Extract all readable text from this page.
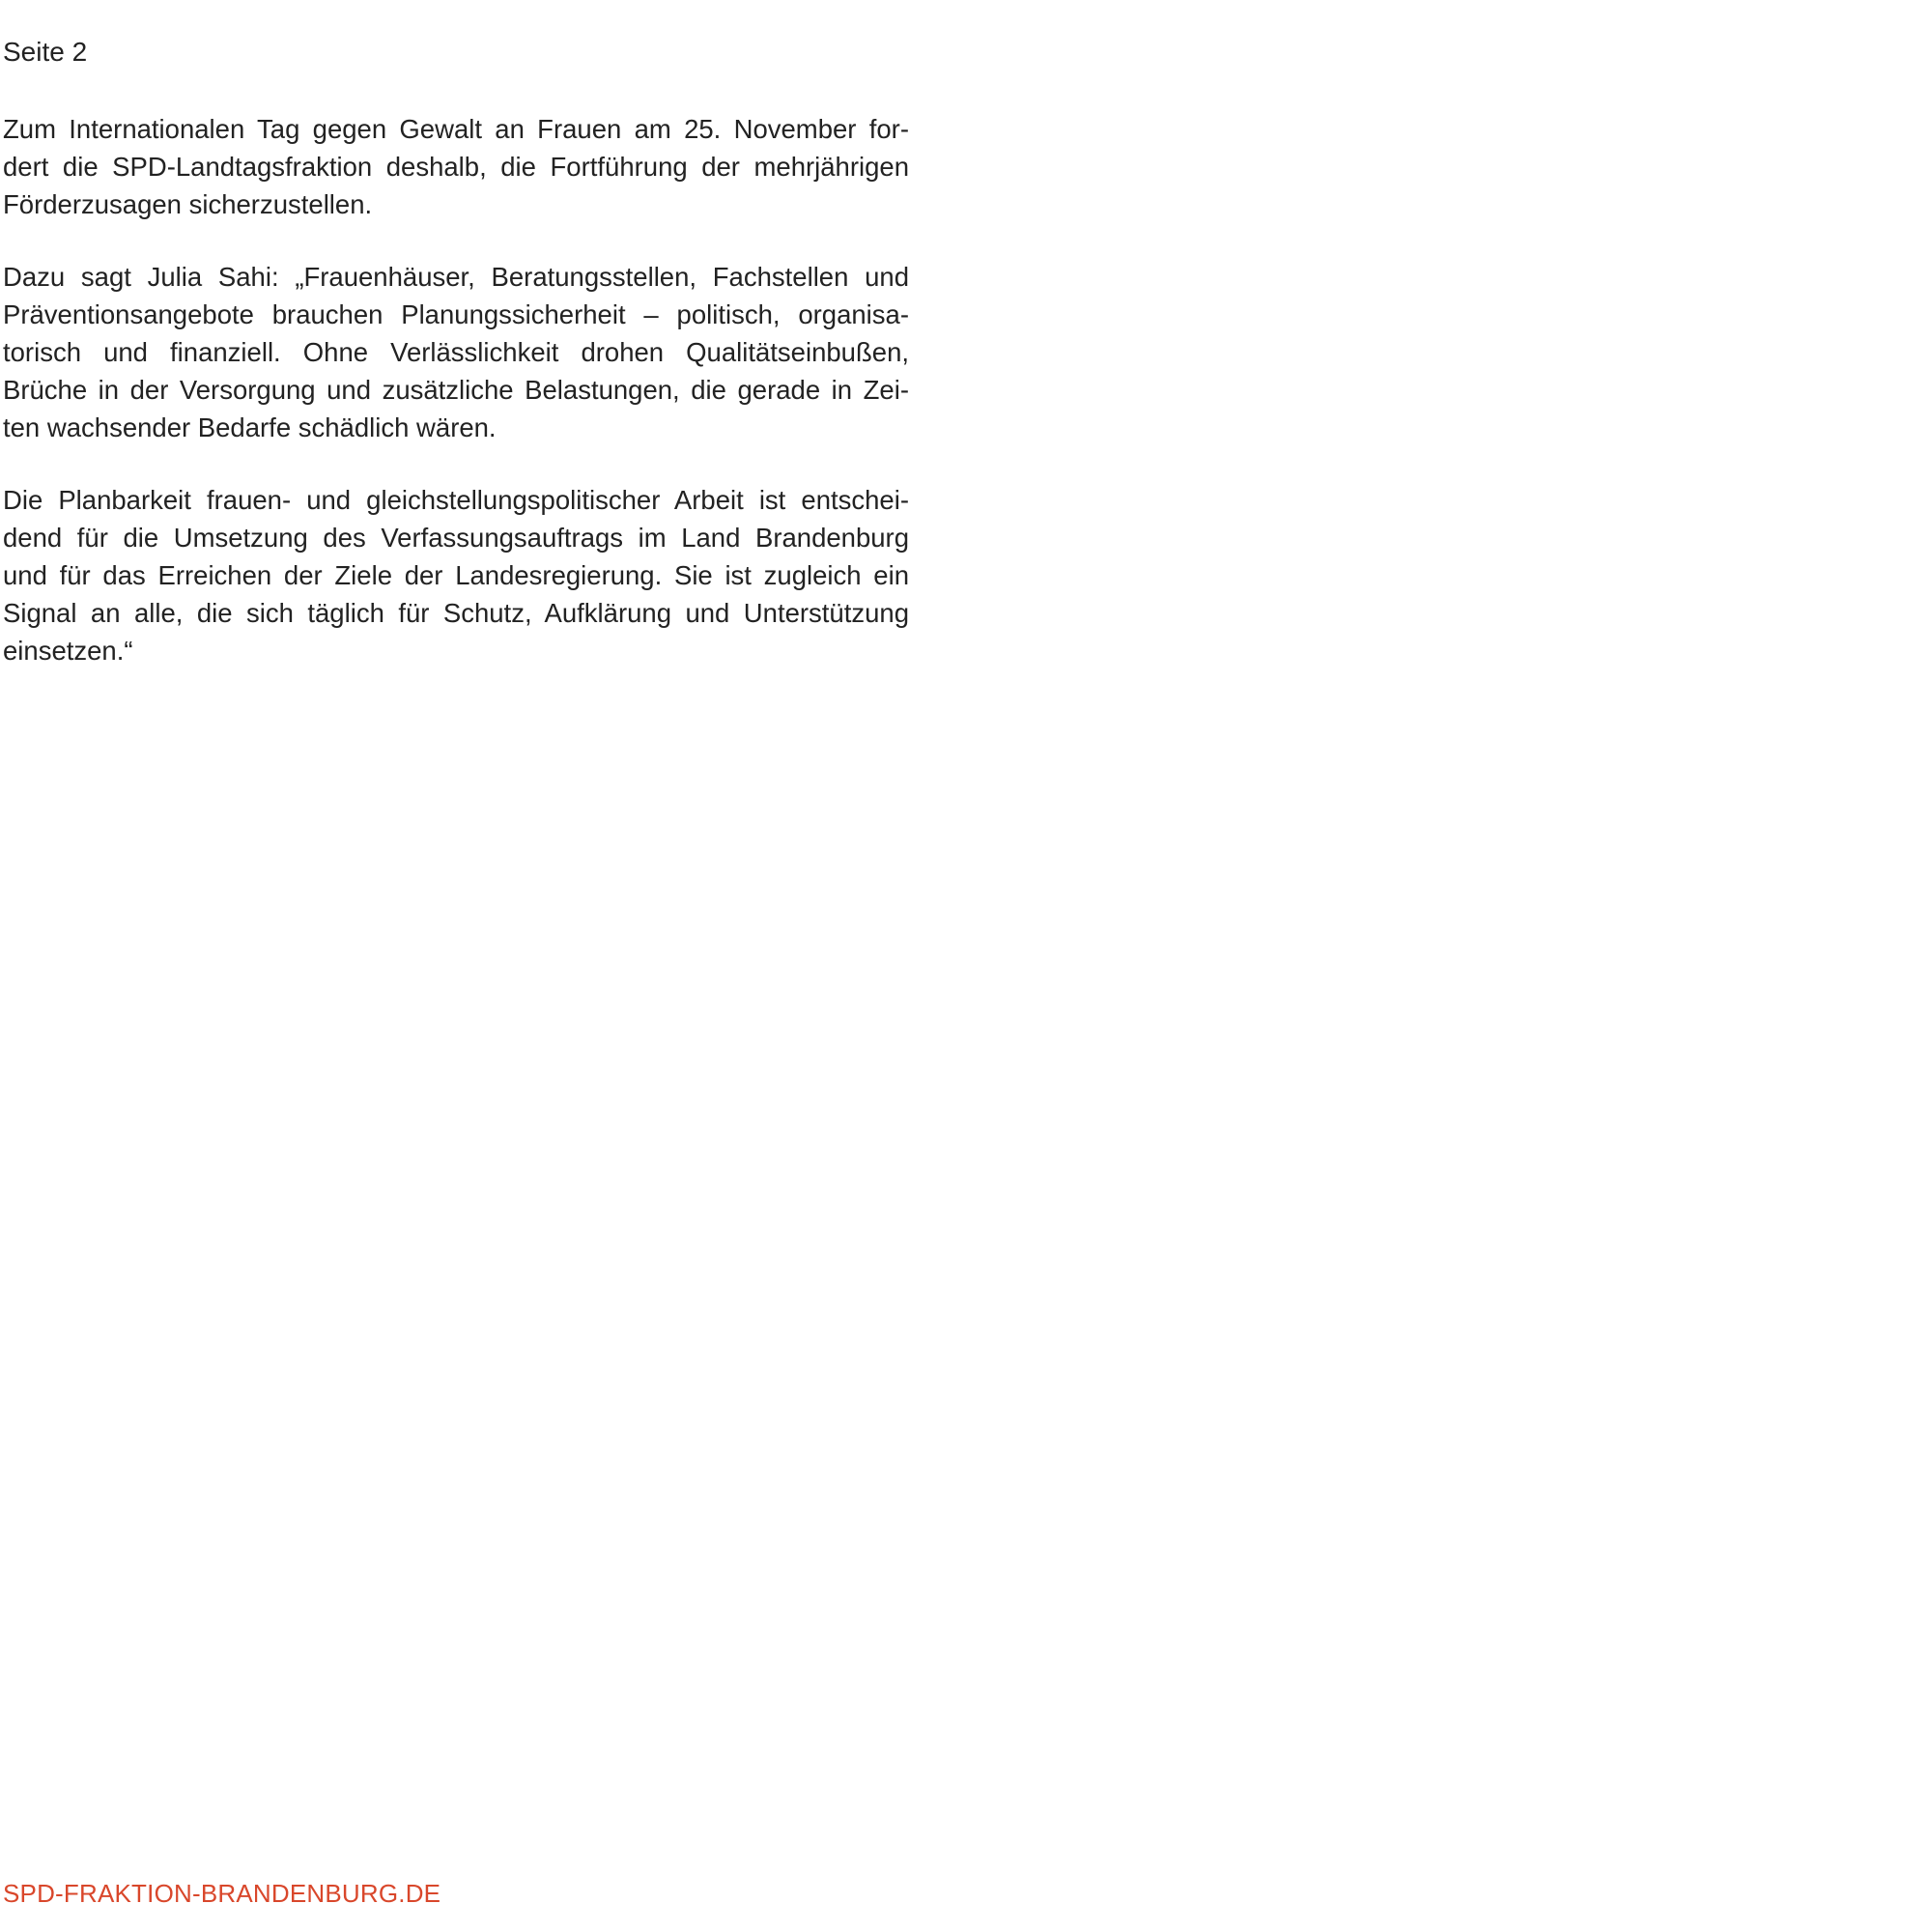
Seite 2

Zum Internationalen Tag gegen Gewalt an Frauen am 25. November for-
dert die SPD-Landtagsfraktion deshalb, die Fortführung der mehrjährigen
Förderzusagen sicherzustellen.

Dazu sagt Julia Sahi: „Frauenhäuser, Beratungsstellen, Fachstellen und
Präventionsangebote brauchen Planungssicherheit – politisch, organisa-
torisch und finanziell. Ohne Verlässlichkeit drohen Qualitätseinbußen,
Brüche in der Versorgung und zusätzliche Belastungen, die gerade in Zei-
ten wachsender Bedarfe schädlich wären.

Die Planbarkeit frauen- und gleichstellungspolitischer Arbeit ist entschei-
dend für die Umsetzung des Verfassungsauftrags im Land Brandenburg
und für das Erreichen der Ziele der Landesregierung. Sie ist zugleich ein
Signal an alle, die sich täglich für Schutz, Aufklärung und Unterstützung
einsetzen.“

SPD-FRAKTION-BRANDENBURG.DE
